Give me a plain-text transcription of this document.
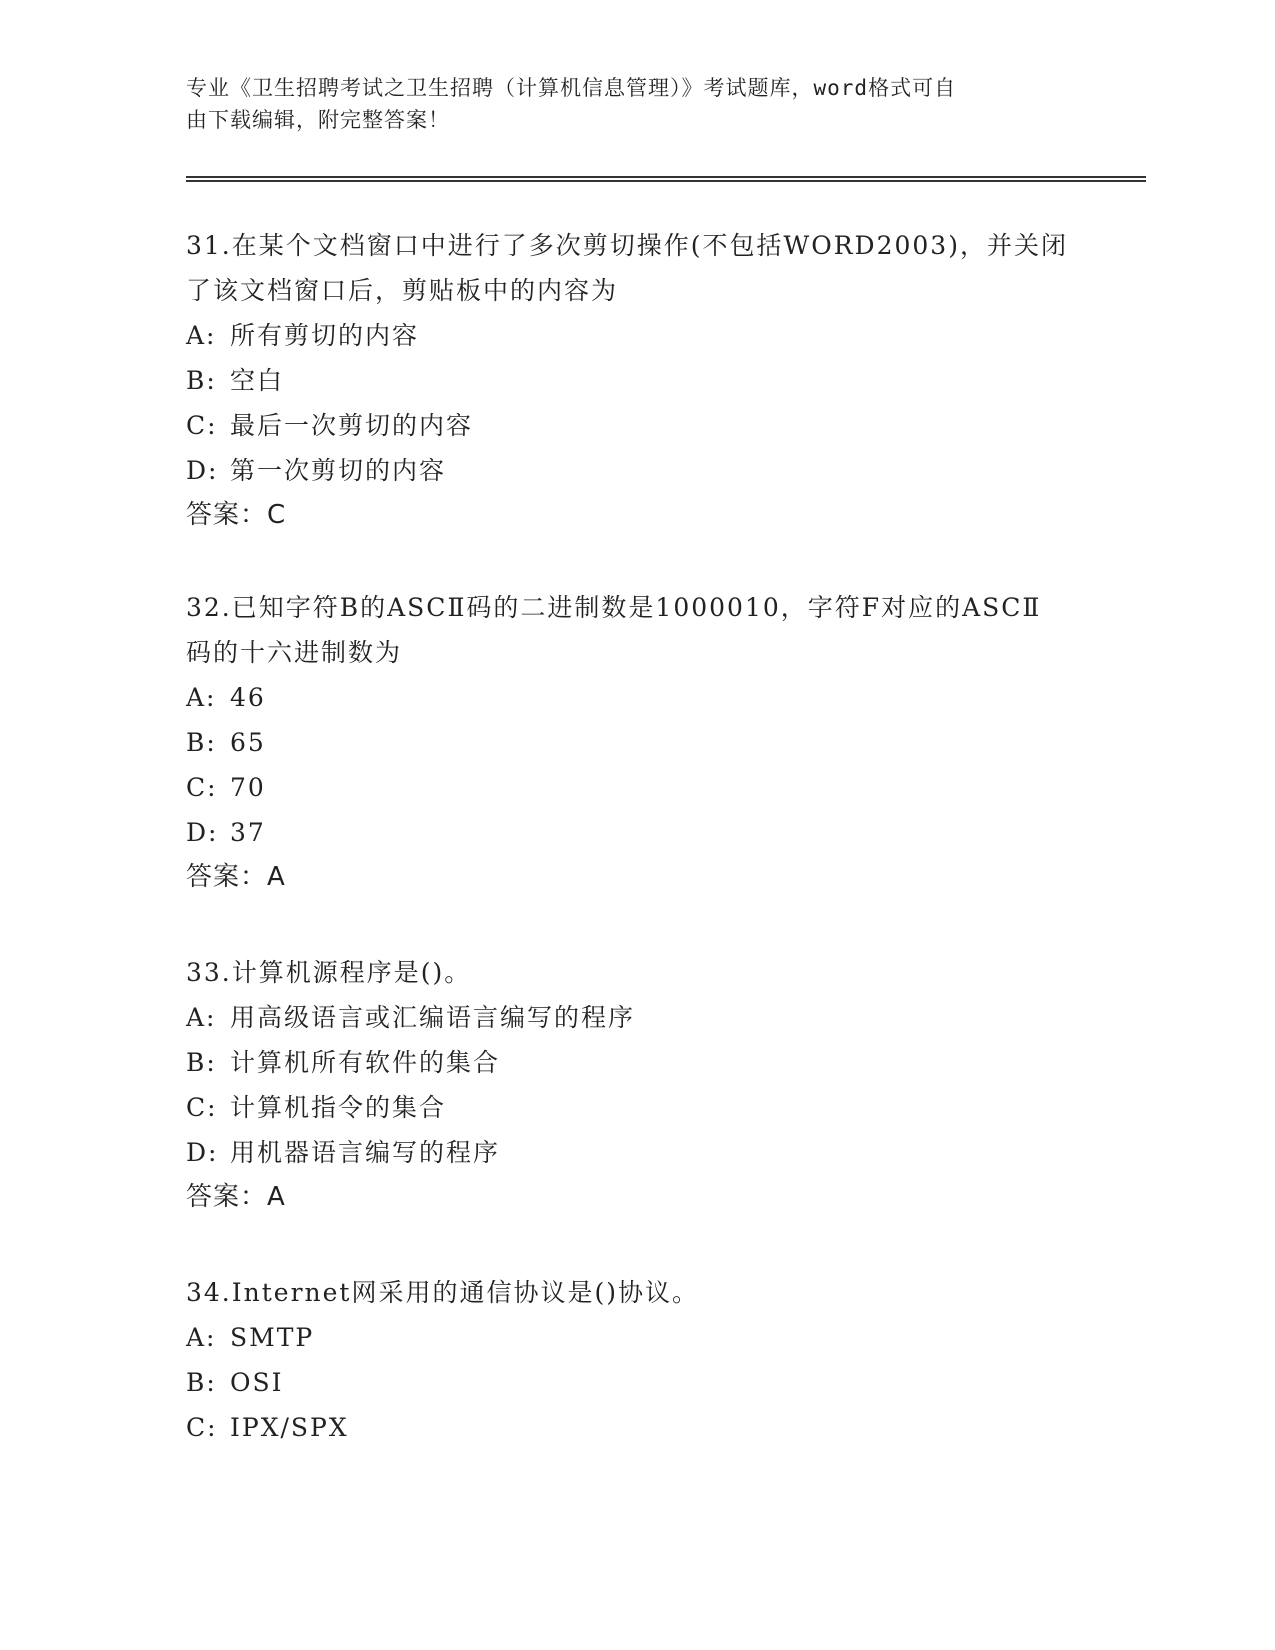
专业《卫生招聘考试之卫生招聘（计算机信息管理）》考试题库，word格式可自
由下载编辑，附完整答案！
31.在某个文档窗口中进行了多次剪切操作(不包括WORD2003)，并关闭
了该文档窗口后，剪贴板中的内容为
A: 所有剪切的内容
B: 空白
C: 最后一次剪切的内容
D: 第一次剪切的内容
答案：C
32.已知字符B的ASCⅡ码的二进制数是1000010，字符F对应的ASCⅡ
码的十六进制数为
A: 46
B: 65
C: 70
D: 37
答案：A
33.计算机源程序是()。
A: 用高级语言或汇编语言编写的程序
B: 计算机所有软件的集合
C: 计算机指令的集合
D: 用机器语言编写的程序
答案：A
34.Internet网采用的通信协议是()协议。
A: SMTP
B: OSI
C: IPX/SPX
